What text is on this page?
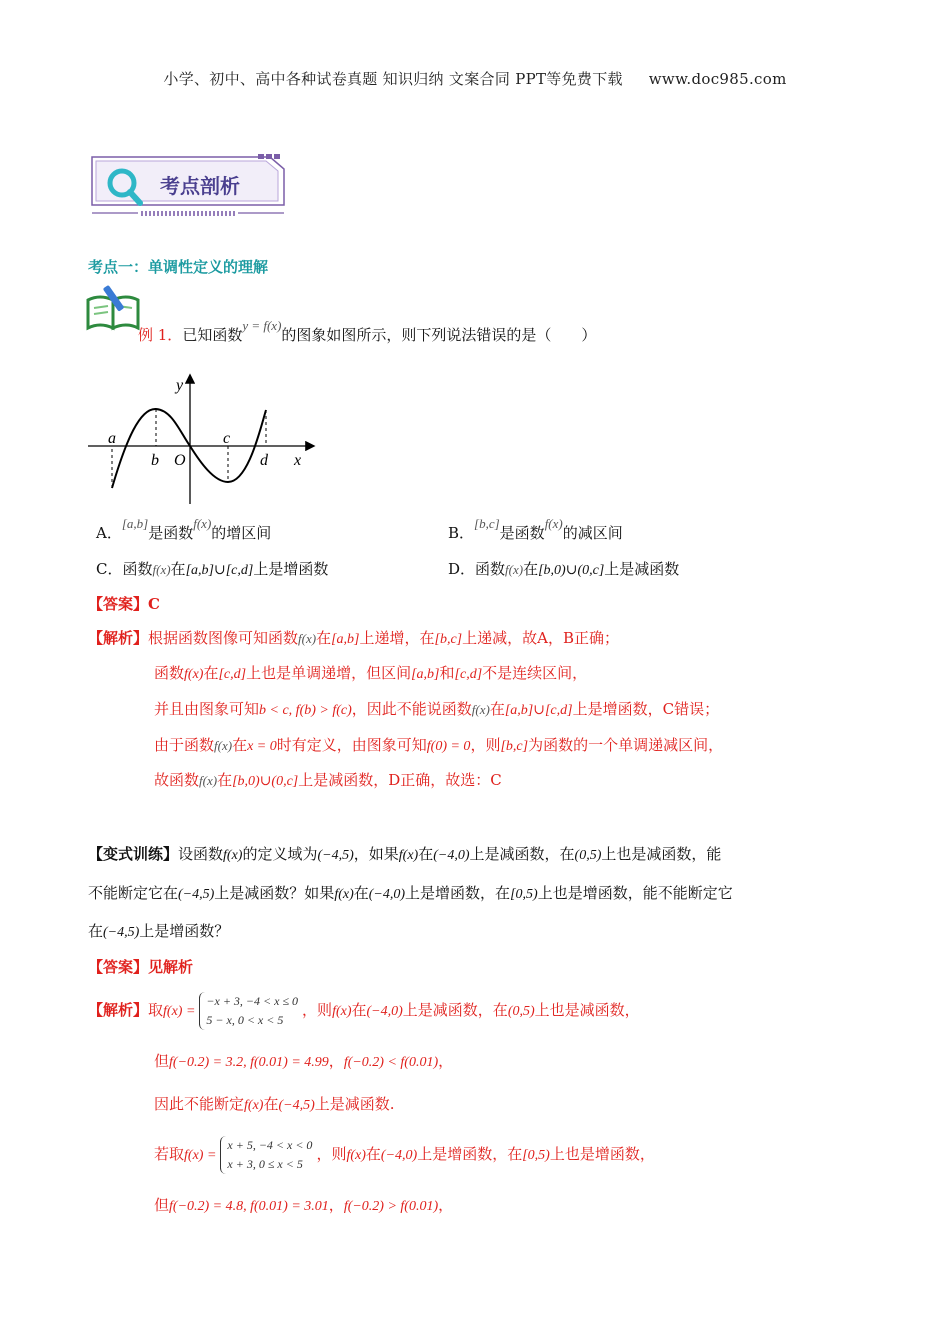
小学、初中、高中各种试卷真题 知识归纳 文案合同 PPT等免费下载 www.doc985.com
考点剖析
考点一：单调性定义的理解
例 1．已知函数y = f(x)的图象如图所示，则下列说法错误的是（　　）
y
x
a
b O
c
d
A．[a,b]是函数f(x)的增区间	B．[b,c]是函数f(x)的减区间
C．函数f(x)在[a,b]∪[c,d]上是增函数	D．函数f(x)在[b,0)∪(0,c]上是减函数
【答案】C
【解析】根据函数图像可知函数f(x)在[a,b]上递增，在[b,c]上递减，故A，B正确；
函数f(x)在[c,d]上也是单调递增，但区间[a,b]和[c,d]不是连续区间，
并且由图象可知b < c, f(b) > f(c)，因此不能说函数f(x)在[a,b]∪[c,d]上是增函数，C错误；
由于函数f(x)在x = 0时有定义，由图象可知f(0) = 0，则[b,c]为函数的一个单调递减区间，
故函数f(x)在[b,0)∪(0,c]上是减函数，D正确，故选：C
【变式训练】设函数f(x)的定义域为(−4,5)，如果f(x)在(−4,0)上是减函数，在(0,5)上也是减函数，能
不能断定它在(−4,5)上是减函数？如果f(x)在(−4,0)上是增函数，在[0,5)上也是增函数，能不能断定它
在(−4,5)上是增函数？
【答案】见解析
【解析】取f(x) =−x + 3, −4 < x ≤ 0
5 − x, 0 < x < 5，则f(x)在(−4,0)上是减函数，在(0,5)上也是减函数，
但f(−0.2) = 3.2, f(0.01) = 4.99，f(−0.2) < f(0.01)，
因此不能断定f(x)在(−4,5)上是减函数.
若取f(x) =x + 5, −4 < x < 0
x + 3, 0 ≤ x < 5，则f(x)在(−4,0)上是增函数，在[0,5)上也是增函数，
但f(−0.2) = 4.8, f(0.01) = 3.01，f(−0.2) > f(0.01)，
